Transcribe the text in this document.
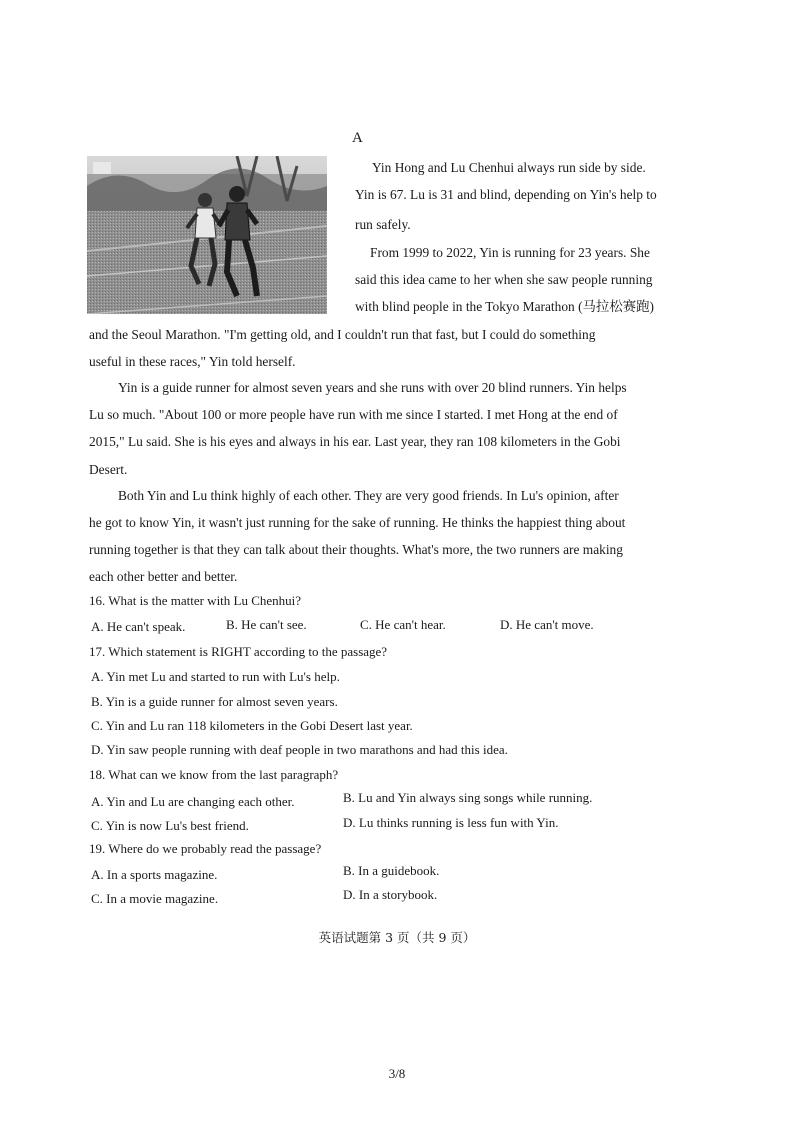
A
Yin Hong and Lu Chenhui always run side by side.
Yin is 67. Lu is 31 and blind, depending on Yin's help to
run safely.
From 1999 to 2022, Yin is running for 23 years. She
said this idea came to her when she saw people running
with blind people in the Tokyo Marathon (马拉松赛跑)
and the Seoul Marathon. "I'm getting old, and I couldn't run that fast, but I could do something
useful in these races," Yin told herself.
Yin is a guide runner for almost seven years and she runs with over 20 blind runners. Yin helps
Lu so much. "About 100 or more people have run with me since I started. I met Hong at the end of
2015," Lu said. She is his eyes and always in his ear. Last year, they ran 108 kilometers in the Gobi
Desert.
Both Yin and Lu think highly of each other. They are very good friends. In Lu's opinion, after
he got to know Yin, it wasn't just running for the sake of running. He thinks the happiest thing about
running together is that they can talk about their thoughts. What's more, the two runners are making
each other better and better.
16. What is the matter with Lu Chenhui?
A. He can't speak.	B. He can't see.	C. He can't hear.	D. He can't move.
17. Which statement is RIGHT according to the passage?
A. Yin met Lu and started to run with Lu's help.
B. Yin is a guide runner for almost seven years.
C. Yin and Lu ran 118 kilometers in the Gobi Desert last year.
D. Yin saw people running with deaf people in two marathons and had this idea.
18. What can we know from the last paragraph?
A. Yin and Lu are changing each other.	B. Lu and Yin always sing songs while running.
C. Yin is now Lu's best friend.	D. Lu thinks running is less fun with Yin.
19. Where do we probably read the passage?
A. In a sports magazine.	B. In a guidebook.
C. In a movie magazine.	D. In a storybook.
英语试题第 3 页（共 9 页）
3/8
